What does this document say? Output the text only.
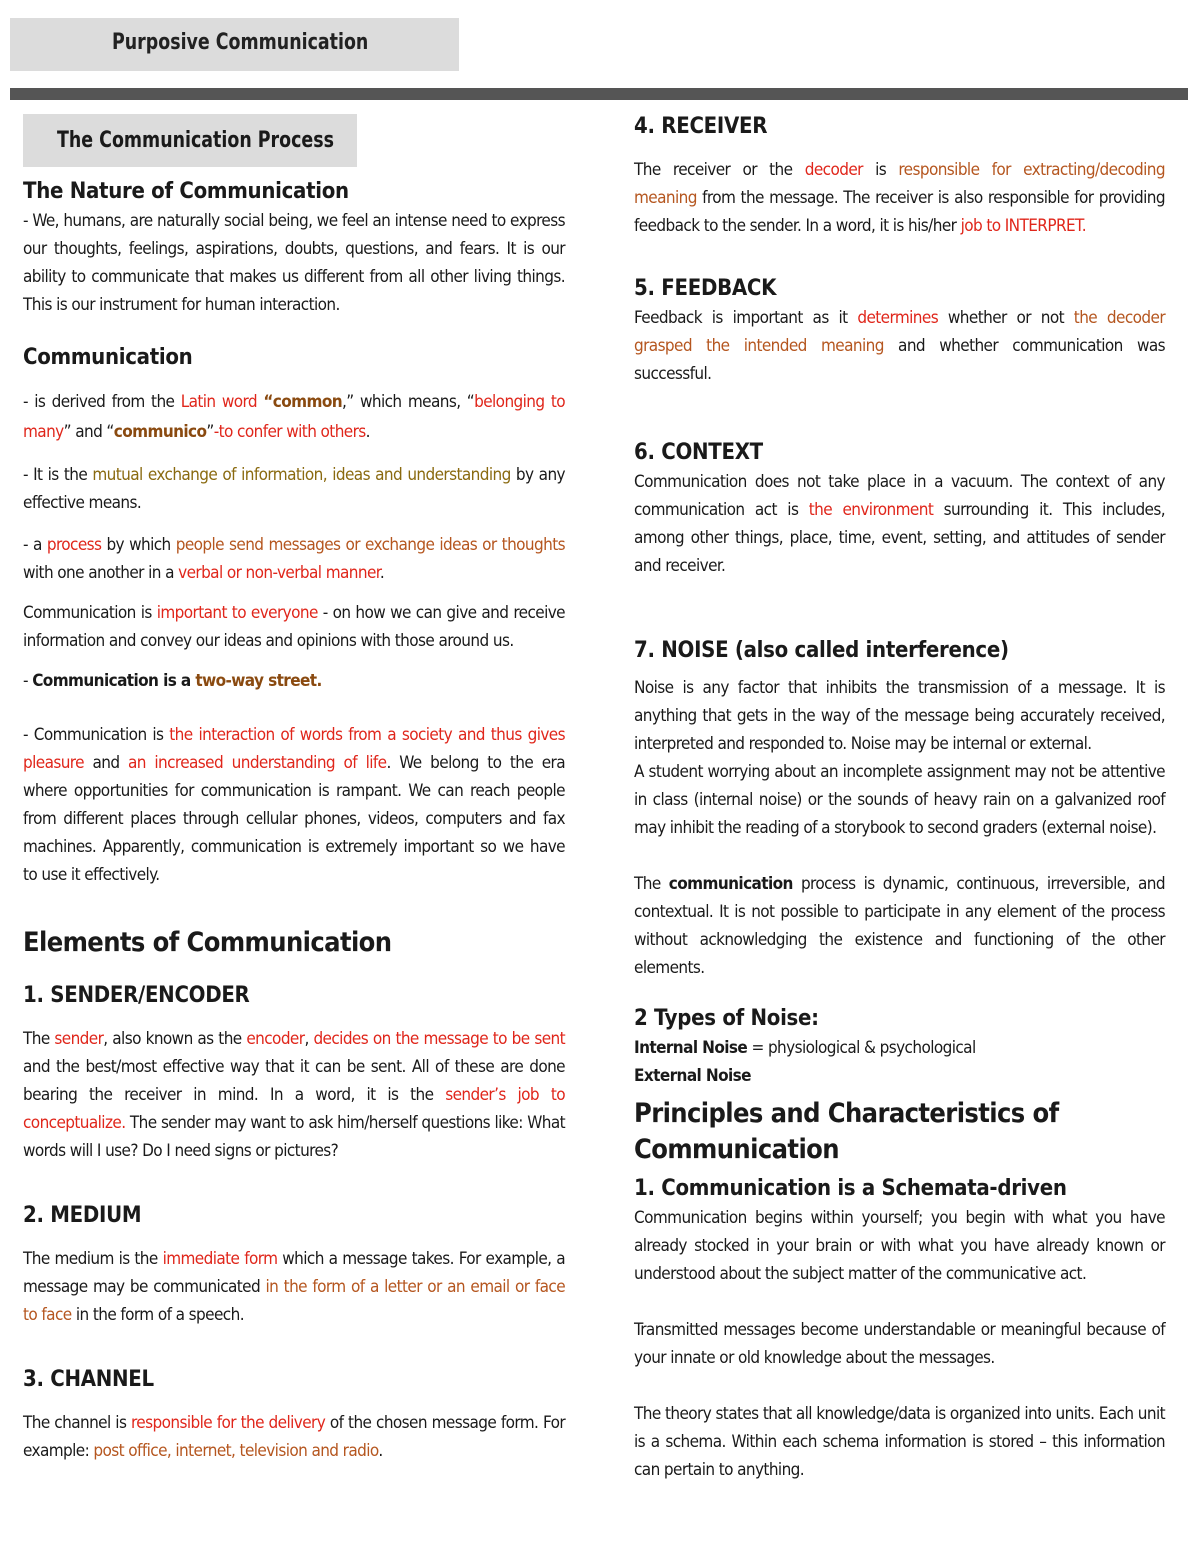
Purposive Communication
The Communication Process
The Nature of Communication

- We, humans, are naturally social being, we feel an intense need to express our thoughts, feelings, aspirations, doubts, questions, and fears. It is our ability to communicate that makes us different from all other living things. This is our instrument for human interaction.

Communication

- is derived from the Latin word “common,” which means, “belonging to many” and “communico”-to confer with others.

- It is the mutual exchange of information, ideas and understanding by any effective means.

- a process by which people send messages or exchange ideas or thoughts with one another in a verbal or non-verbal manner.

Communication is important to everyone - on how we can give and receive information and convey our ideas and opinions with those around us.

- Communication is a two-way street.

- Communication is the interaction of words from a society and thus gives pleasure and an increased understanding of life. We belong to the era where opportunities for communication is rampant. We can reach people from different places through cellular phones, videos, computers and fax machines. Apparently, communication is extremely important so we have to use it effectively.

Elements of Communication
1. SENDER/ENCODER

The sender, also known as the encoder, decides on the message to be sent and the best/most effective way that it can be sent. All of these are done bearing the receiver in mind. In a word, it is the sender’s job to conceptualize. The sender may want to ask him/herself questions like: What words will I use? Do I need signs or pictures?

2. MEDIUM

The medium is the immediate form which a message takes. For example, a message may be communicated in the form of a letter or an email or face to face in the form of a speech.

3. CHANNEL

The channel is responsible for the delivery of the chosen message form. For example: post office, internet, television and radio.

4. RECEIVER

The receiver or the decoder is responsible for extracting/decoding meaning from the message. The receiver is also responsible for providing feedback to the sender. In a word, it is his/her job to INTERPRET.

5. FEEDBACK

Feedback is important as it determines whether or not the decoder grasped the intended meaning and whether communication was successful.

6. CONTEXT

Communication does not take place in a vacuum. The context of any communication act is the environment surrounding it. This includes, among other things, place, time, event, setting, and attitudes of sender and receiver.

7. NOISE (also called interference)

Noise is any factor that inhibits the transmission of a message. It is anything that gets in the way of the message being accurately received, interpreted and responded to. Noise may be internal or external.

A student worrying about an incomplete assignment may not be attentive in class (internal noise) or the sounds of heavy rain on a galvanized roof may inhibit the reading of a storybook to second graders (external noise).

The communication process is dynamic, continuous, irreversible, and contextual. It is not possible to participate in any element of the process without acknowledging the existence and functioning of the other elements.

2 Types of Noise:

Internal Noise = physiological & psychological

External Noise

Principles and Characteristics of Communication
1. Communication is a Schemata-driven

Communication begins within yourself; you begin with what you have already stocked in your brain or with what you have already known or understood about the subject matter of the communicative act.

Transmitted messages become understandable or meaningful because of your innate or old knowledge about the messages.

The theory states that all knowledge/data is organized into units. Each unit is a schema. Within each schema information is stored – this information can pertain to anything.
